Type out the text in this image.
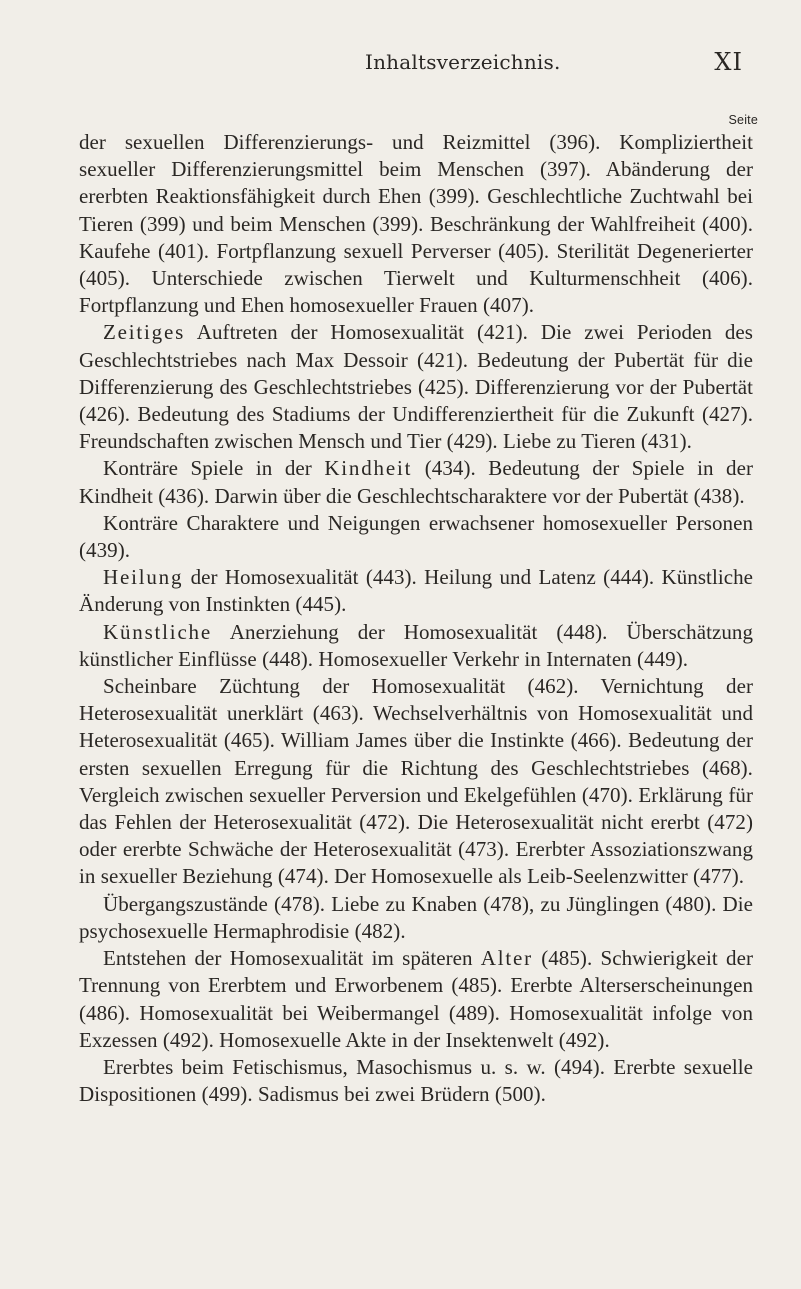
Inhaltsverzeichnis.	XI
Seite

der sexuellen Differenzierungs- und Reizmittel (396). Kompliziertheit sexueller Differenzierungsmittel beim Menschen (397). Abänderung der ererbten Reaktionsfähigkeit durch Ehen (399). Geschlechtliche Zuchtwahl bei Tieren (399) und beim Menschen (399). Beschränkung der Wahlfreiheit (400). Kaufehe (401). Fortpflanzung sexuell Perverser (405). Sterilität Degenerierter (405). Unterschiede zwischen Tierwelt und Kulturmenschheit (406). Fortpflanzung und Ehen homosexueller Frauen (407).

Zeitiges Auftreten der Homosexualität (421). Die zwei Perioden des Geschlechtstriebes nach Max Dessoir (421). Bedeutung der Pubertät für die Differenzierung des Geschlechtstriebes (425). Differenzierung vor der Pubertät (426). Bedeutung des Stadiums der Undifferenziertheit für die Zukunft (427). Freundschaften zwischen Mensch und Tier (429). Liebe zu Tieren (431).

Konträre Spiele in der Kindheit (434). Bedeutung der Spiele in der Kindheit (436). Darwin über die Geschlechtscharaktere vor der Pubertät (438).

Konträre Charaktere und Neigungen erwachsener homosexueller Personen (439).

Heilung der Homosexualität (443). Heilung und Latenz (444). Künstliche Änderung von Instinkten (445).

Künstliche Anerziehung der Homosexualität (448). Überschätzung künstlicher Einflüsse (448). Homosexueller Verkehr in Internaten (449).

Scheinbare Züchtung der Homosexualität (462). Vernichtung der Heterosexualität unerklärt (463). Wechselverhältnis von Homosexualität und Heterosexualität (465). William James über die Instinkte (466). Bedeutung der ersten sexuellen Erregung für die Richtung des Geschlechtstriebes (468). Vergleich zwischen sexueller Perversion und Ekelgefühlen (470). Erklärung für das Fehlen der Heterosexualität (472). Die Heterosexualität nicht ererbt (472) oder ererbte Schwäche der Heterosexualität (473). Ererbter Assoziationszwang in sexueller Beziehung (474). Der Homosexuelle als Leib-Seelenzwitter (477).

Übergangszustände (478). Liebe zu Knaben (478), zu Jünglingen (480). Die psychosexuelle Hermaphrodisie (482).

Entstehen der Homosexualität im späteren Alter (485). Schwierigkeit der Trennung von Ererbtem und Erworbenem (485). Ererbte Alterserscheinungen (486). Homosexualität bei Weibermangel (489). Homosexualität infolge von Exzessen (492). Homosexuelle Akte in der Insektenwelt (492).

Ererbtes beim Fetischismus, Masochismus u. s. w. (494). Ererbte sexuelle Dispositionen (499). Sadismus bei zwei Brüdern (500).
